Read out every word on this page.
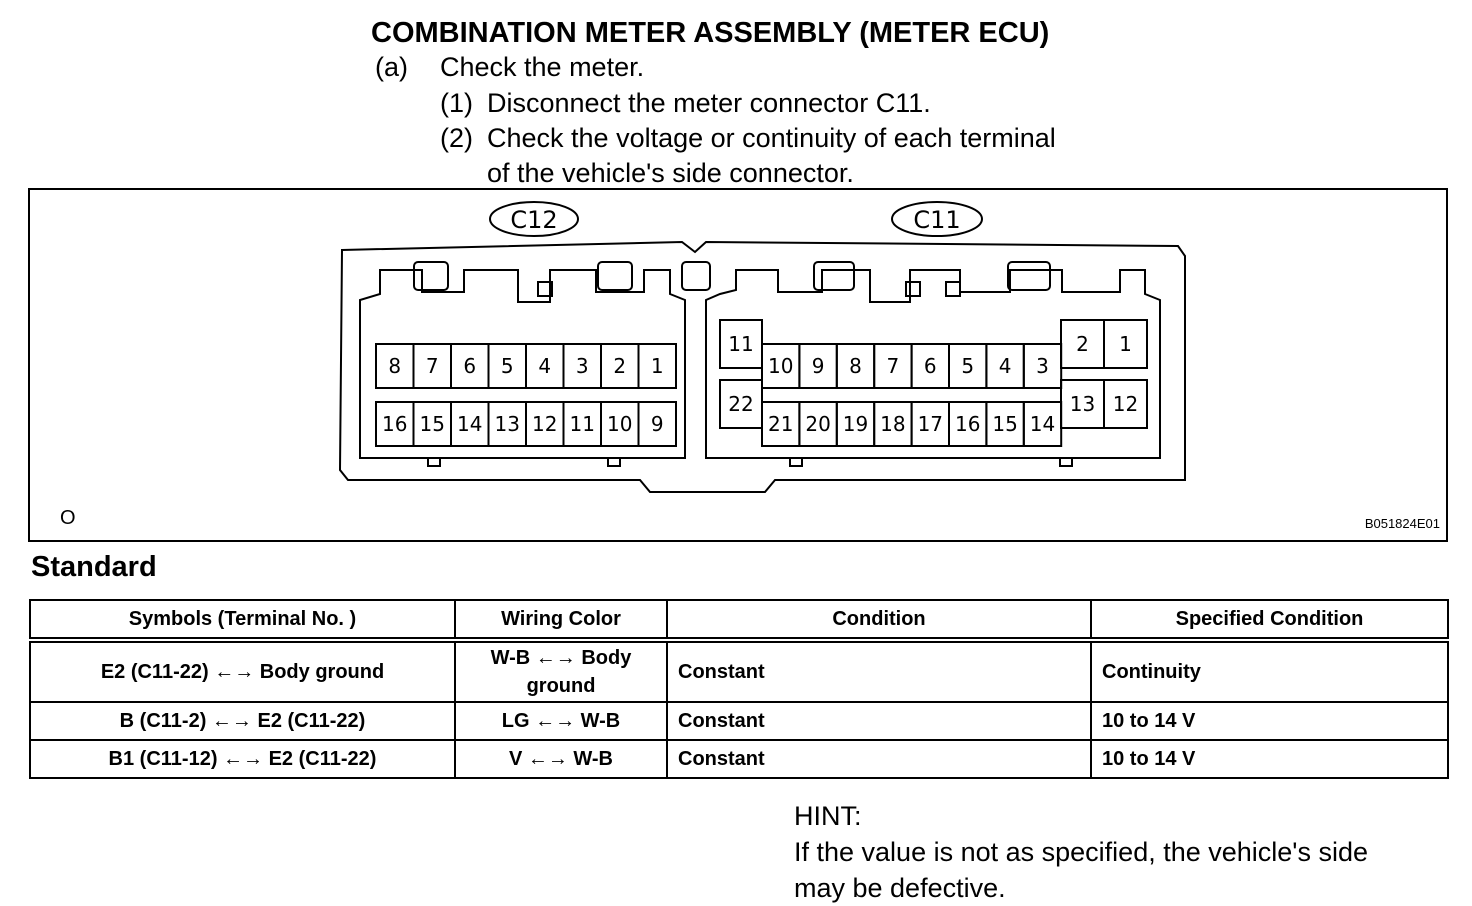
COMBINATION METER ASSEMBLY (METER ECU)
(a) Check the meter.
(1) Disconnect the meter connector C11.
(2) Check the voltage or continuity of each terminal
of the vehicle's side connector.
8 7 6 5 4 3 2 1
16 15 14 13 12 11 10 9
11
22
10 9 8 7 6 5 4 3
21 20 19 18 17 16 15 14
2 1
13 12
C12	C11
O	B051824E01
Standard
Symbols (Terminal No. )	Wiring Color	Condition	Specified Condition
E2 (C11-22) ←→ Body ground	W-B ←→ Body ground	Constant	Continuity
B (C11-2) ←→ E2 (C11-22)	LG ←→ W-B	Constant	10 to 14 V
B1 (C11-12) ←→ E2 (C11-22)	V ←→ W-B	Constant	10 to 14 V
HINT:
If the value is not as specified, the vehicle's side
may be defective.
